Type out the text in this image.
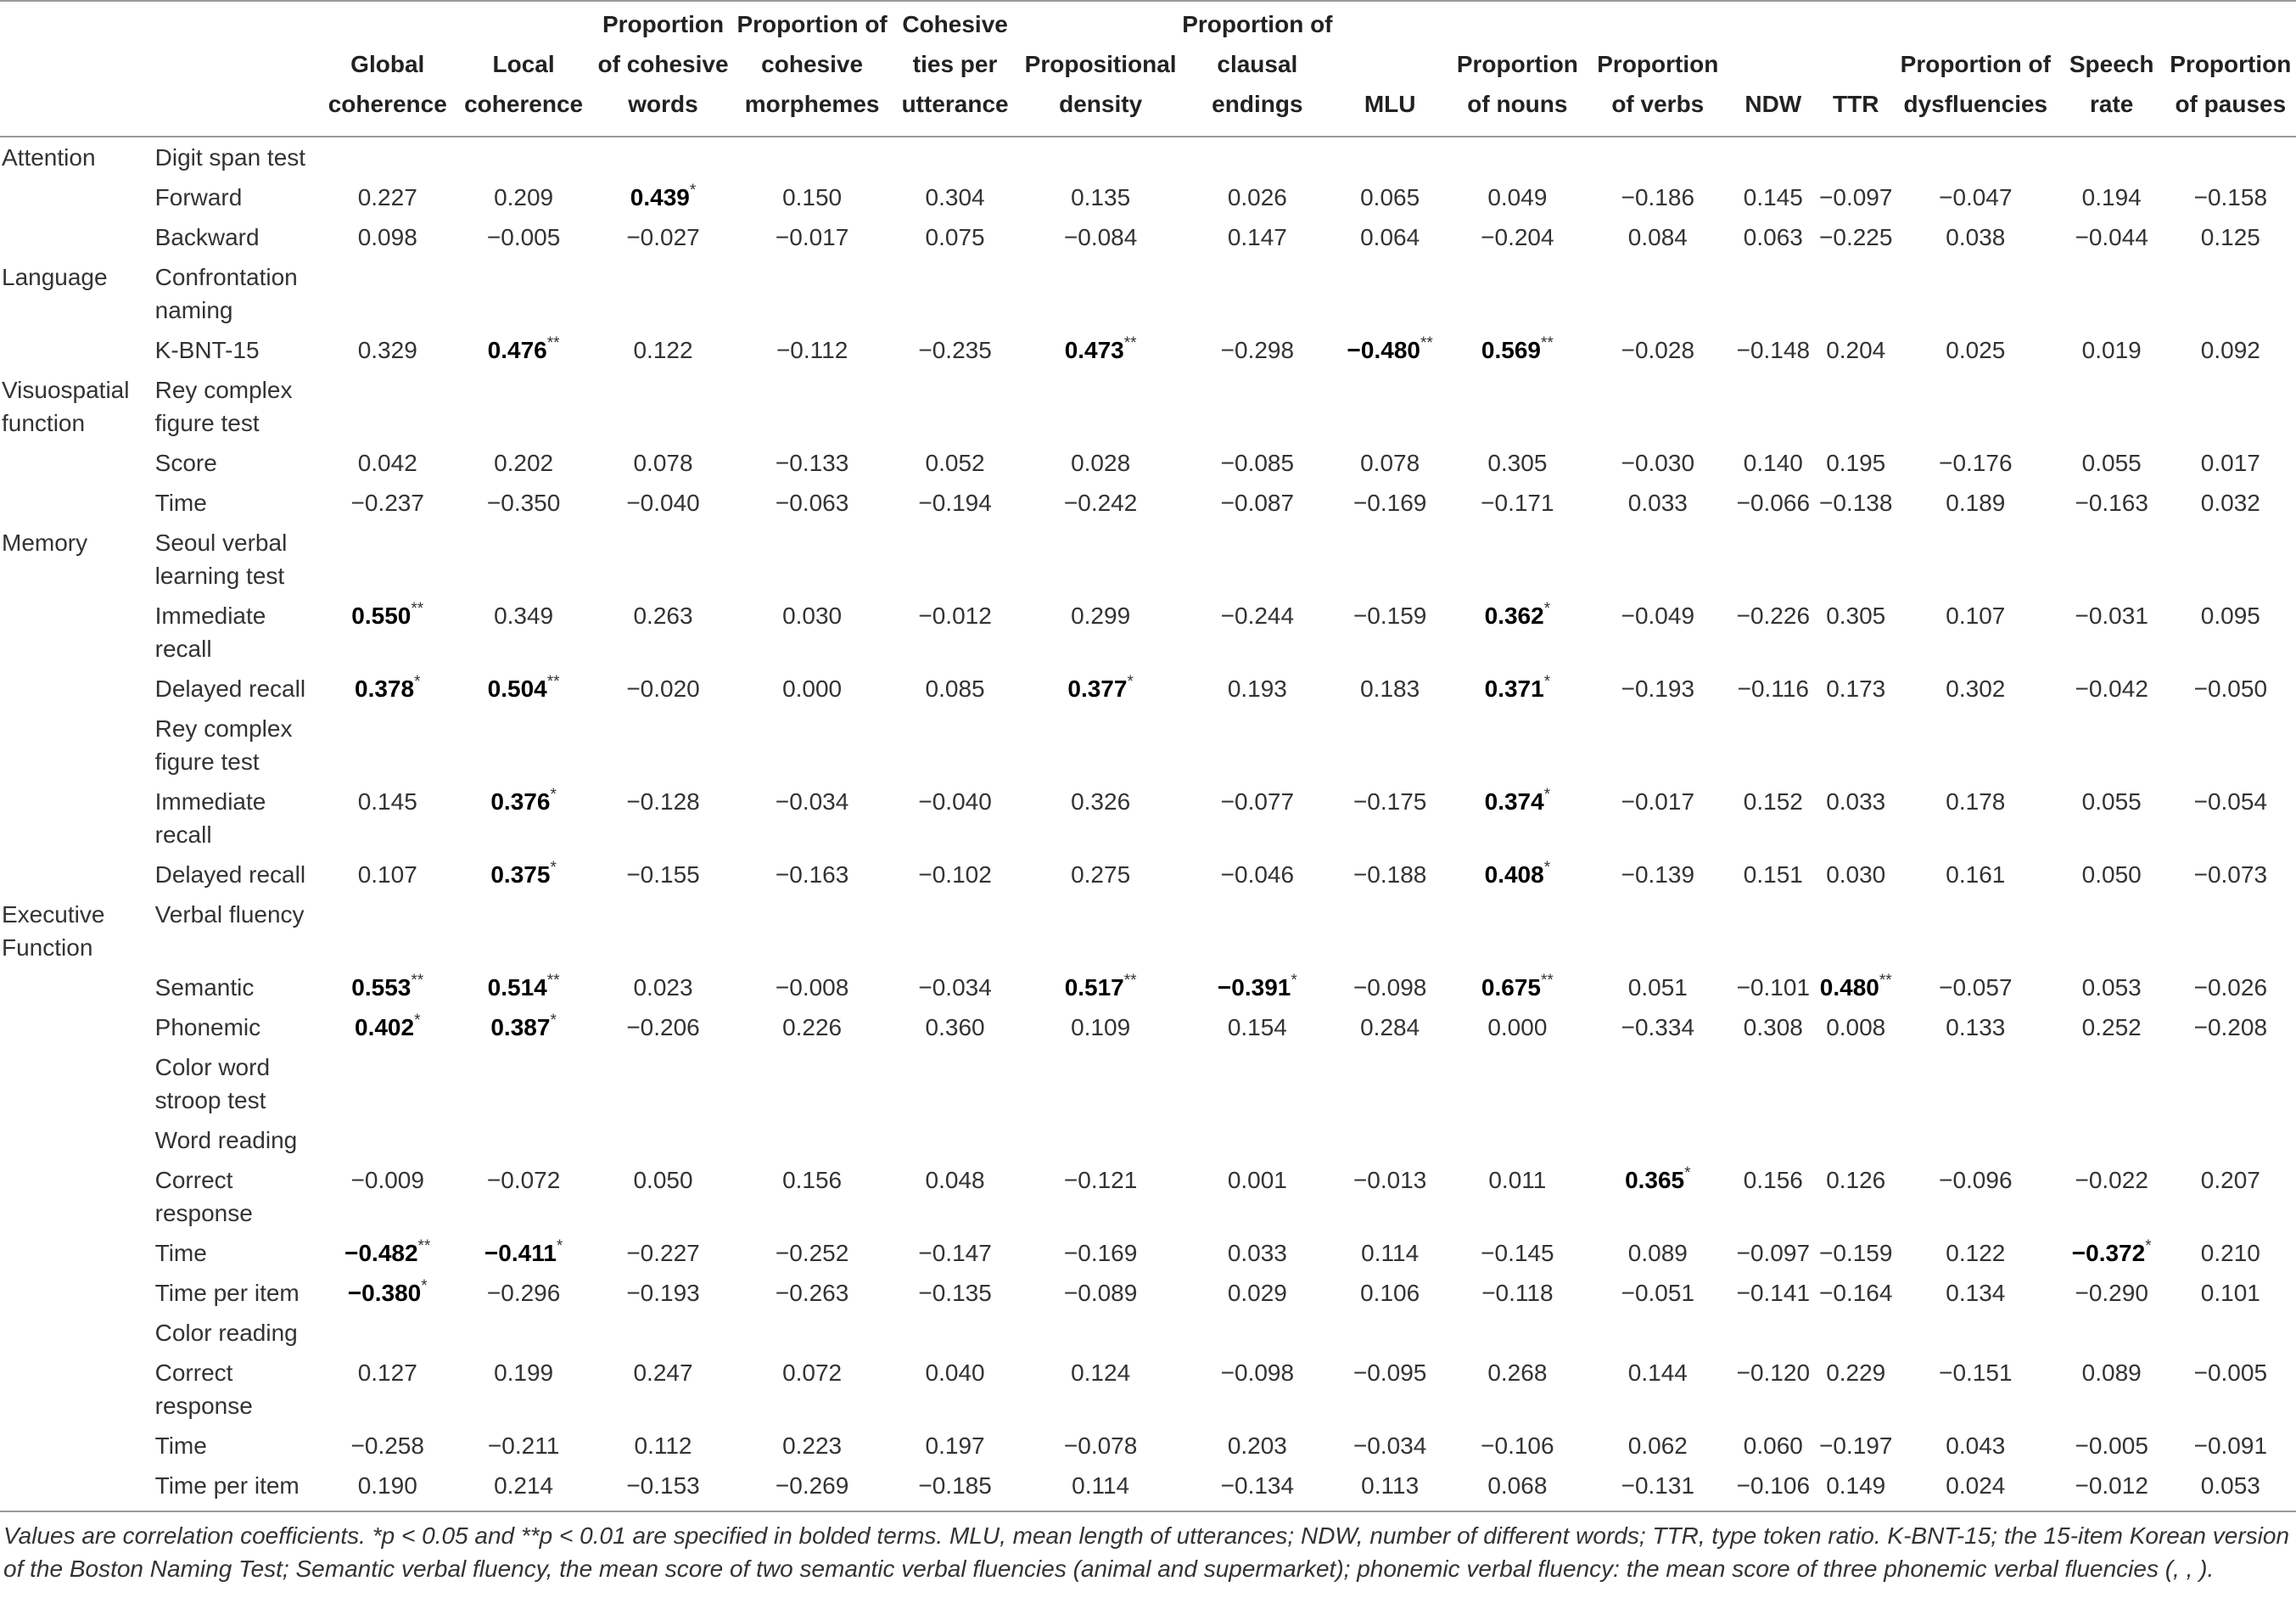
		Global coherence	Local coherence	Proportion of cohesive words	Proportion of cohesive morphemes	Cohesive ties per utterance	Propositional density	Proportion of clausal endings	MLU	Proportion of nouns	Proportion of verbs	NDW	TTR	Proportion of dysfluencies	Speech rate	Proportion of pauses
Attention	Digit span test															
	Forward	0.227	0.209	0.439*	0.150	0.304	0.135	0.026	0.065	0.049	−0.186	0.145	−0.097	−0.047	0.194	−0.158
	Backward	0.098	−0.005	−0.027	−0.017	0.075	−0.084	0.147	0.064	−0.204	0.084	0.063	−0.225	0.038	−0.044	0.125
Language	Confrontation naming															
	K-BNT-15	0.329	0.476**	0.122	−0.112	−0.235	0.473**	−0.298	−0.480**	0.569**	−0.028	−0.148	0.204	0.025	0.019	0.092
Visuospatial function	Rey complex figure test															
	Score	0.042	0.202	0.078	−0.133	0.052	0.028	−0.085	0.078	0.305	−0.030	0.140	0.195	−0.176	0.055	0.017
	Time	−0.237	−0.350	−0.040	−0.063	−0.194	−0.242	−0.087	−0.169	−0.171	0.033	−0.066	−0.138	0.189	−0.163	0.032
Memory	Seoul verbal learning test															
	Immediate recall	0.550**	0.349	0.263	0.030	−0.012	0.299	−0.244	−0.159	0.362*	−0.049	−0.226	0.305	0.107	−0.031	0.095
	Delayed recall	0.378*	0.504**	−0.020	0.000	0.085	0.377*	0.193	0.183	0.371*	−0.193	−0.116	0.173	0.302	−0.042	−0.050
	Rey complex figure test															
	Immediate recall	0.145	0.376*	−0.128	−0.034	−0.040	0.326	−0.077	−0.175	0.374*	−0.017	0.152	0.033	0.178	0.055	−0.054
	Delayed recall	0.107	0.375*	−0.155	−0.163	−0.102	0.275	−0.046	−0.188	0.408*	−0.139	0.151	0.030	0.161	0.050	−0.073
Executive Function	Verbal fluency															
	Semantic	0.553**	0.514**	0.023	−0.008	−0.034	0.517**	−0.391*	−0.098	0.675**	0.051	−0.101	0.480**	−0.057	0.053	−0.026
	Phonemic	0.402*	0.387*	−0.206	0.226	0.360	0.109	0.154	0.284	0.000	−0.334	0.308	0.008	0.133	0.252	−0.208
	Color word stroop test															
	Word reading															
	Correct response	−0.009	−0.072	0.050	0.156	0.048	−0.121	0.001	−0.013	0.011	0.365*	0.156	0.126	−0.096	−0.022	0.207
	Time	−0.482**	−0.411*	−0.227	−0.252	−0.147	−0.169	0.033	0.114	−0.145	0.089	−0.097	−0.159	0.122	−0.372*	0.210
	Time per item	−0.380*	−0.296	−0.193	−0.263	−0.135	−0.089	0.029	0.106	−0.118	−0.051	−0.141	−0.164	0.134	−0.290	0.101
	Color reading															
	Correct response	0.127	0.199	0.247	0.072	0.040	0.124	−0.098	−0.095	0.268	0.144	−0.120	0.229	−0.151	0.089	−0.005
	Time	−0.258	−0.211	0.112	0.223	0.197	−0.078	0.203	−0.034	−0.106	0.062	0.060	−0.197	0.043	−0.005	−0.091
	Time per item	0.190	0.214	−0.153	−0.269	−0.185	0.114	−0.134	0.113	0.068	−0.131	−0.106	0.149	0.024	−0.012	0.053
Values are correlation coefficients. *p < 0.05 and **p < 0.01 are specified in bolded terms. MLU, mean length of utterances; NDW, number of different words; TTR, type token ratio. K-BNT-15; the 15-item Korean version of the Boston Naming Test; Semantic verbal fluency, the mean score of two semantic verbal fluencies (animal and supermarket); phonemic verbal fluency: the mean score of three phonemic verbal fluencies (, , ).
